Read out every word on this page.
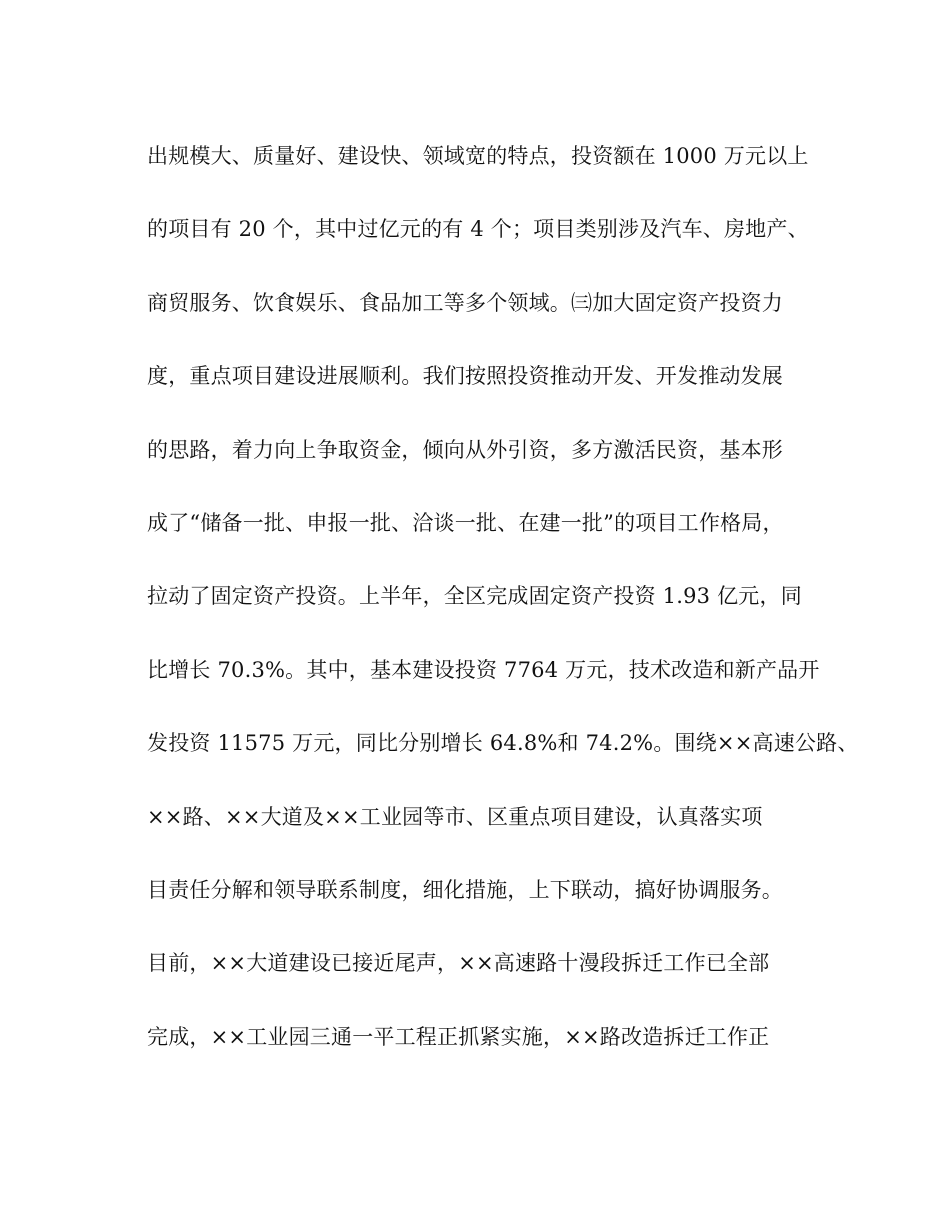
出规模大、质量好、建设快、领域宽的特点，投资额在 1000 万元以上
的项目有 20 个，其中过亿元的有 4 个；项目类别涉及汽车、房地产、
商贸服务、饮食娱乐、食品加工等多个领域。㈢加大固定资产投资力
度，重点项目建设进展顺利。我们按照投资推动开发、开发推动发展
的思路，着力向上争取资金，倾向从外引资，多方激活民资，基本形
成了“储备一批、申报一批、洽谈一批、在建一批”的项目工作格局，
拉动了固定资产投资。上半年，全区完成固定资产投资 1.93 亿元，同
比增长 70.3%。其中，基本建设投资 7764 万元，技术改造和新产品开
发投资 11575 万元，同比分别增长 64.8%和 74.2%。围绕××高速公路、
××路、××大道及××工业园等市、区重点项目建设，认真落实项
目责任分解和领导联系制度，细化措施，上下联动，搞好协调服务。
目前，××大道建设已接近尾声，××高速路十漫段拆迁工作已全部
完成，××工业园三通一平工程正抓紧实施，××路改造拆迁工作正
